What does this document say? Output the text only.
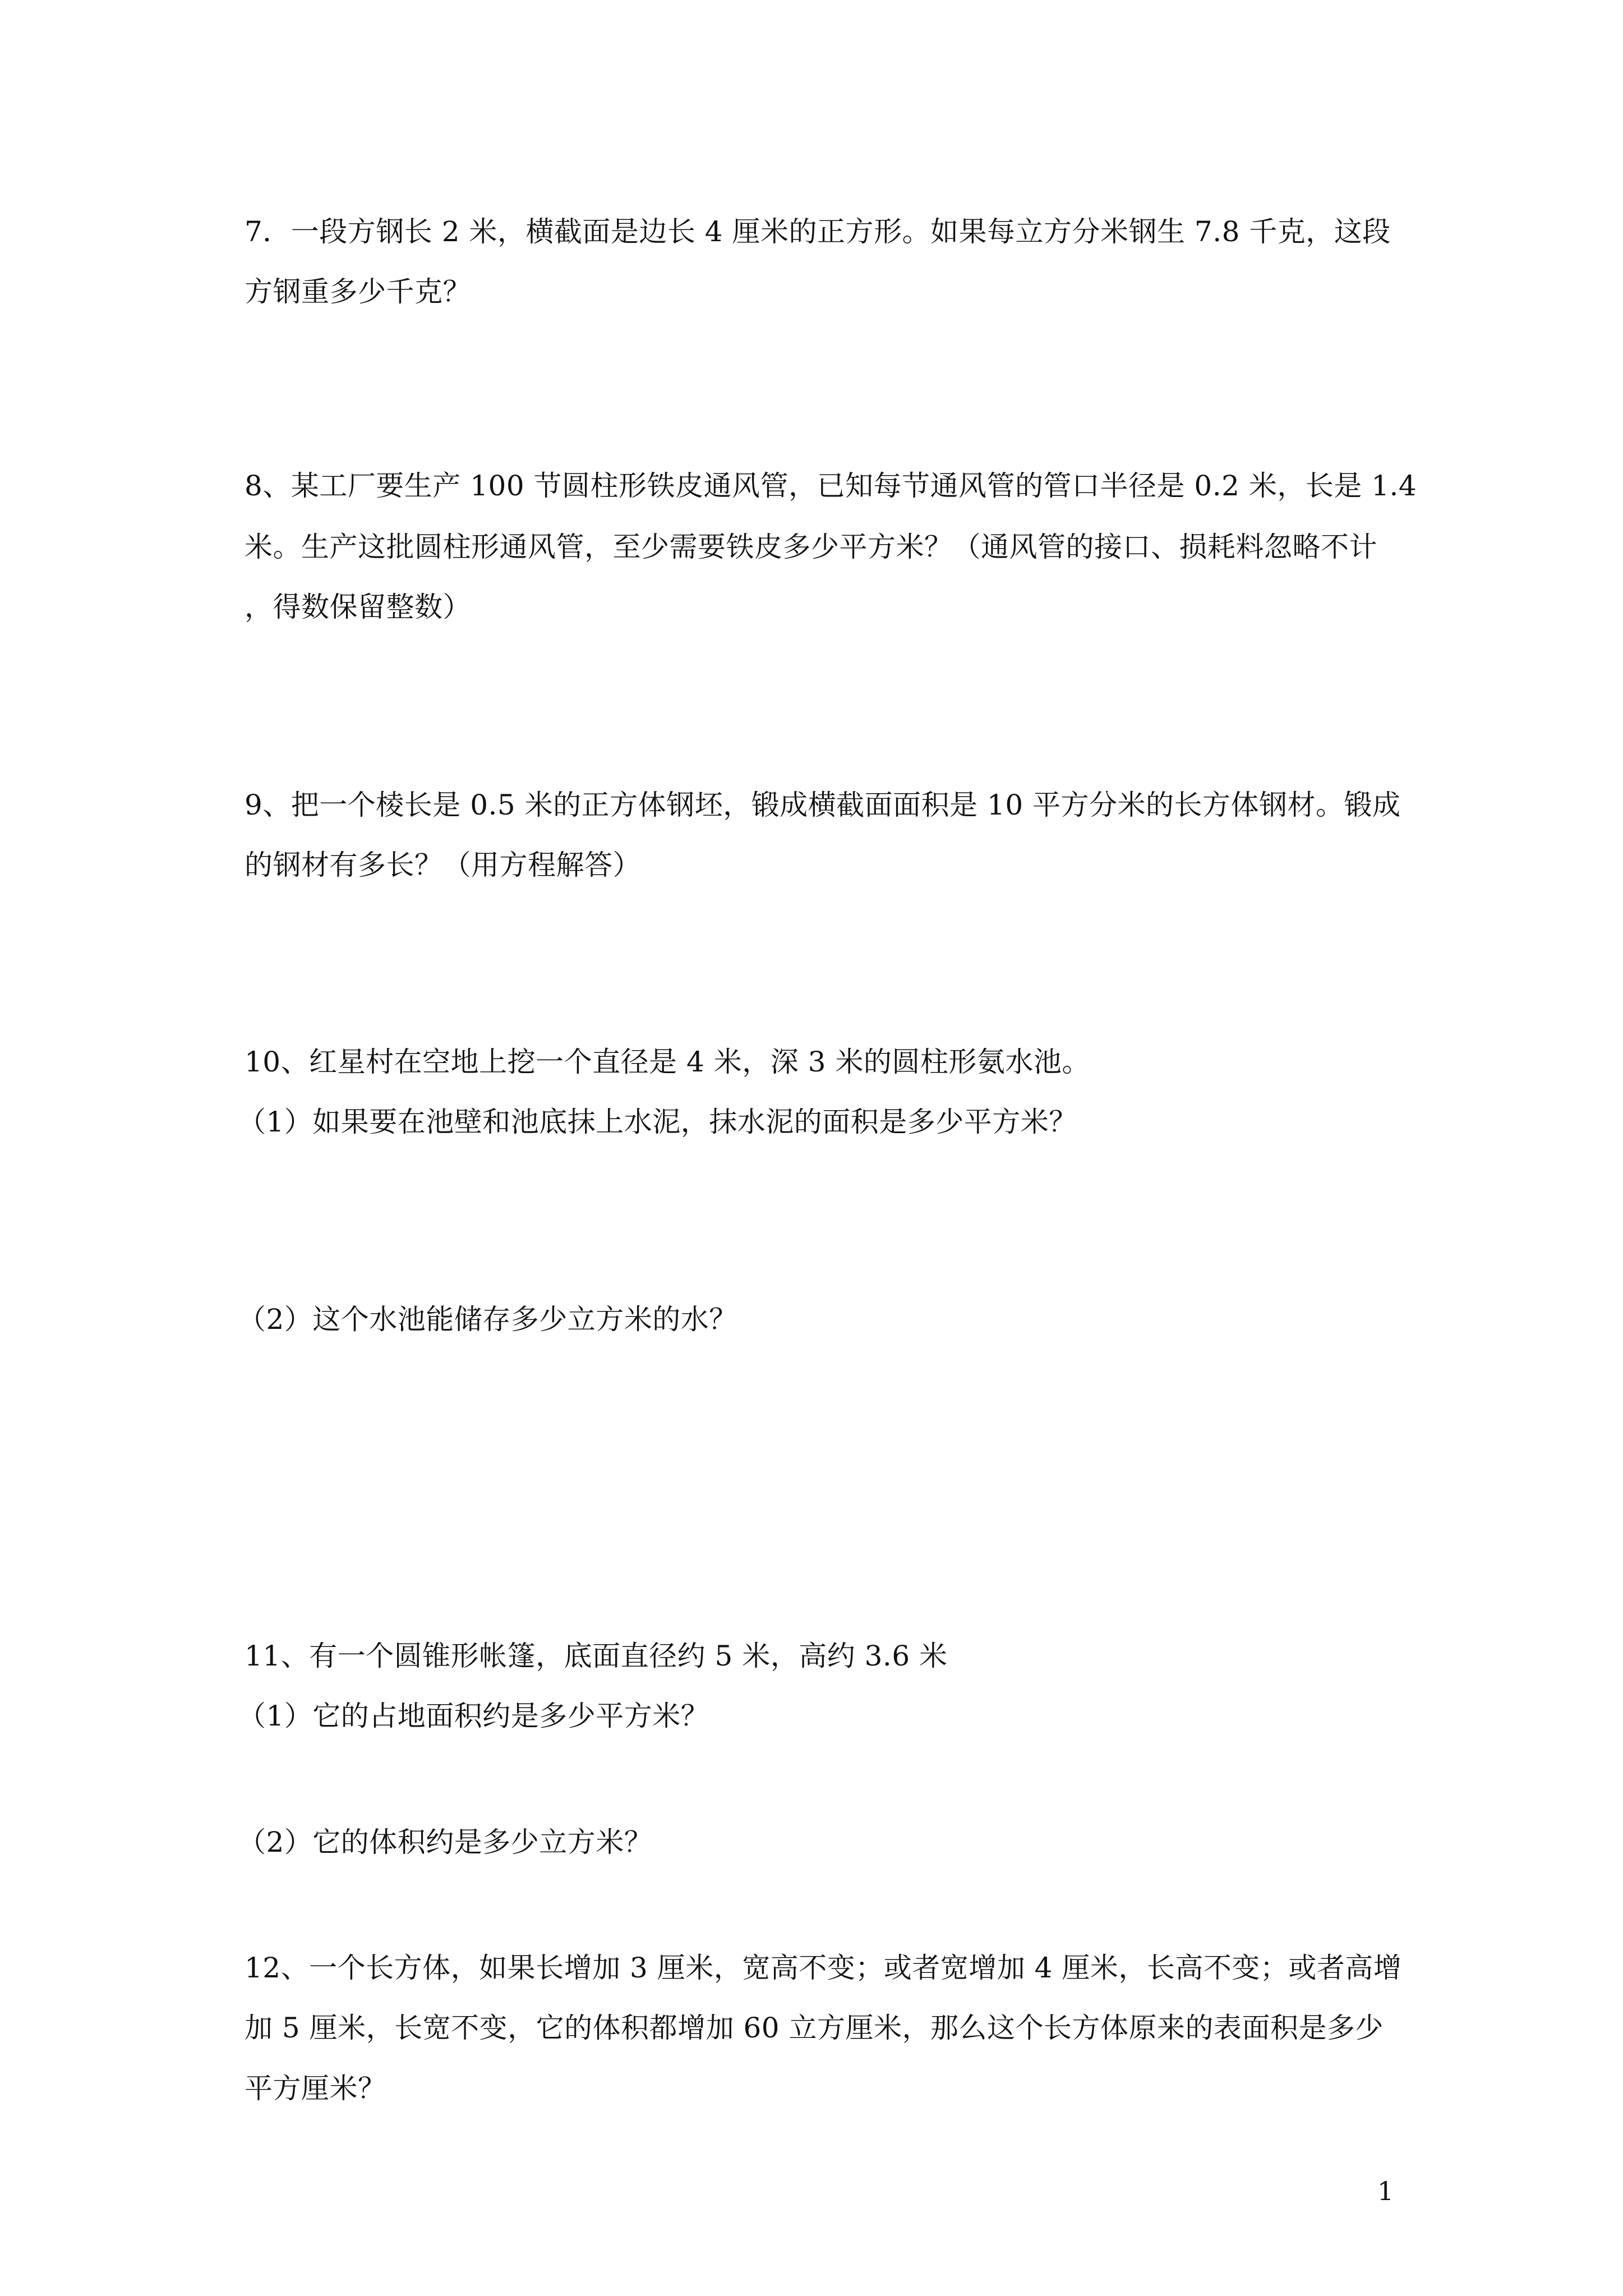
7．一段方钢长 2 米，横截面是边长 4 厘米的正方形。如果每立方分米钢生 7.8 千克，这段
方钢重多少千克？
8、某工厂要生产 100 节圆柱形铁皮通风管，已知每节通风管的管口半径是 0.2 米，长是 1.4
米。生产这批圆柱形通风管，至少需要铁皮多少平方米？（通风管的接口、损耗料忽略不计
，得数保留整数）
9、把一个棱长是 0.5 米的正方体钢坯，锻成横截面面积是 10 平方分米的长方体钢材。锻成
的钢材有多长？（用方程解答）
10、红星村在空地上挖一个直径是 4 米，深 3 米的圆柱形氨水池。
（1）如果要在池壁和池底抹上水泥，抹水泥的面积是多少平方米？
（2）这个水池能储存多少立方米的水？
11、有一个圆锥形帐篷，底面直径约 5 米，高约 3.6 米
（1）它的占地面积约是多少平方米？
（2）它的体积约是多少立方米？
12、一个长方体，如果长增加 3 厘米，宽高不变；或者宽增加 4 厘米，长高不变；或者高增
加 5 厘米，长宽不变，它的体积都增加 60 立方厘米，那么这个长方体原来的表面积是多少
平方厘米？
1
